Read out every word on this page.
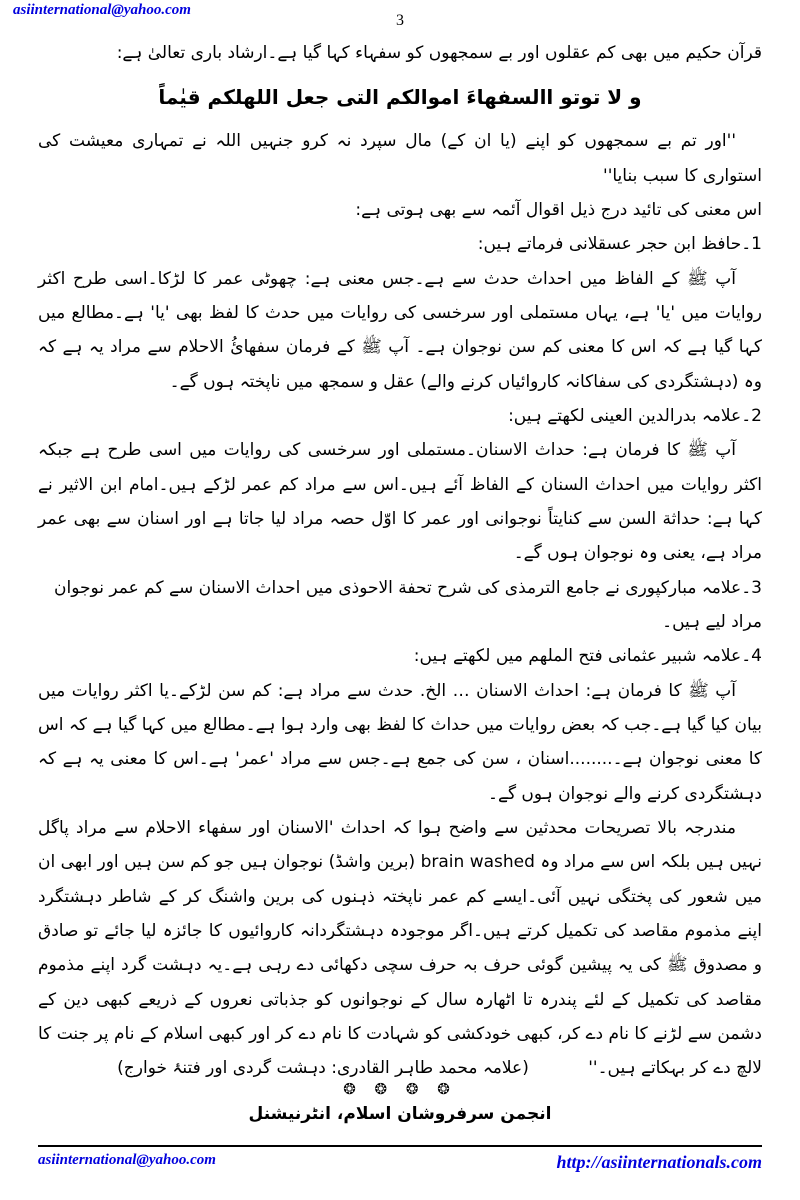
asiinternational@yahoo.com
3

قرآن حکیم میں بھی کم عقلوں اور بے سمجھوں کو سفہاء کہا گیا ہے۔ارشاد باری تعالیٰ ہے:

و لا توتو االسفهاءَ اموالكم التى جعل اللهلكم قيٰماً

''اور تم بے سمجھوں کو اپنے (یا ان کے) مال سپرد نہ کرو جنہیں اللہ نے تمہاری معیشت کی استواری کا سبب بنایا''

اس معنی کی تائید درج ذیل اقوال آئمہ سے بھی ہوتی ہے:

1۔حافظ ابن حجر عسقلانی فرماتے ہیں:

آپ ﷺ کے الفاظ میں احداث حدث سے ہے۔جس معنی ہے: چھوٹی عمر کا لڑکا۔اسی طرح اکثر روایات میں 'یا' ہے، یہاں مستملی اور سرخسی کی روایات میں حدث کا لفظ بھی 'یا' ہے۔مطالع میں کہا گیا ہے کہ اس کا معنی کم سن نوجوان ہے۔ آپ ﷺ کے فرمان سفهائُ الاحلام سے مراد یہ ہے کہ وہ (دہشتگردی کی سفاکانہ کاروائیاں کرنے والے) عقل و سمجھ میں ناپختہ ہوں گے۔

2۔علامہ بدرالدین العینی لکھتے ہیں:

آپ ﷺ کا فرمان ہے: حداث الاسنان۔مستملی اور سرخسی کی روایات میں اسی طرح ہے جبکہ اکثر روایات میں احداث السنان کے الفاظ آئے ہیں۔اس سے مراد کم عمر لڑکے ہیں۔امام ابن الاثیر نے کہا ہے: حداثة السن سے کنایتاً نوجوانی اور عمر کا اوّل حصہ مراد لیا جاتا ہے اور اسنان سے بھی عمر مراد ہے، یعنی وہ نوجوان ہوں گے۔

3۔علامہ مبارکپوری نے جامع الترمذی کی شرح تحفة الاحوذی میں احداث الاسنان سے کم عمر نوجوان مراد لیے ہیں۔

4۔علامہ شبیر عثمانی فتح الملهم میں لکھتے ہیں:

آپ ﷺ کا فرمان ہے: احداث الاسنان … الخ. حدث سے مراد ہے: کم سن لڑکے۔یا اکثر روایات میں بیان کیا گیا ہے۔جب کہ بعض روایات میں حداث کا لفظ بھی وارد ہوا ہے۔مطالع میں کہا گیا ہے کہ اس کا معنی نوجوان ہے۔........اسنان ، سن کی جمع ہے۔جس سے مراد 'عمر' ہے۔اس کا معنی یہ ہے کہ دہشتگردی کرنے والے نوجوان ہوں گے۔

مندرجہ بالا تصریحات محدثین سے واضح ہوا کہ احداث 'الاسنان اور سفهاء الاحلام سے مراد پاگل نہیں ہیں بلکہ اس سے مراد وہ brain washed (برین واشڈ) نوجوان ہیں جو کم سن ہیں اور ابھی ان میں شعور کی پختگی نہیں آئی۔ایسے کم عمر ناپختہ ذہنوں کی برین واشنگ کر کے شاطر دہشتگرد اپنے مذموم مقاصد کی تکمیل کرتے ہیں۔اگر موجودہ دہشتگردانہ کاروائیوں کا جائزہ لیا جائے تو صادق و مصدوق ﷺ کی یہ پیشین گوئی حرف بہ حرف سچی دکھائی دے رہی ہے۔یہ دہشت گرد اپنے مذموم مقاصد کی تکمیل کے لئے پندرہ تا اٹھارہ سال کے نوجوانوں کو جذباتی نعروں کے ذریعے کبھی دین کے دشمن سے لڑنے کا نام دے کر، کبھی خودکشی کو شہادت کا نام دے کر اور کبھی اسلام کے نام پر جنت کا لالچ دے کر بہکاتے ہیں۔'' (علامہ محمد طاہر القادری: دہشت گردی اور فتنۂ خوارج)

❂ ❂ ❂ ❂
انجمن سرفروشان اسلام، انٹرنیشنل
asiinternational@yahoo.com	http://asiinternationals.com
